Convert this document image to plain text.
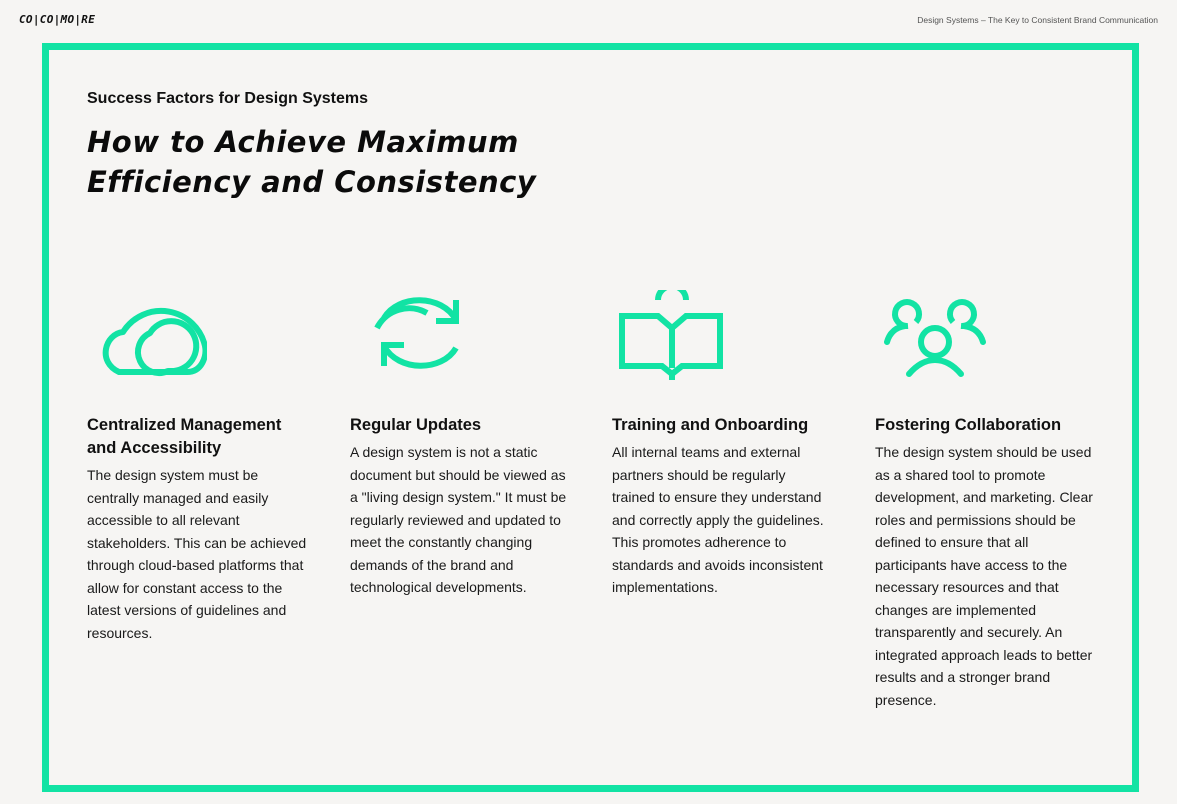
CO|CO|MO|RE	Design Systems – The Key to Consistent Brand Communication
Success Factors for Design Systems
How to Achieve Maximum
Efficiency and Consistency
Centralized Management and Accessibility

The design system must be centrally managed and easily accessible to all relevant stakeholders. This can be achieved through cloud-based platforms that allow for constant access to the latest versions of guidelines and resources.

Regular Updates

A design system is not a static document but should be viewed as a "living design system." It must be regularly reviewed and updated to meet the constantly changing demands of the brand and technological developments.

Training and Onboarding

All internal teams and external partners should be regularly trained to ensure they understand and correctly apply the guidelines. This promotes adherence to standards and avoids inconsistent implementations.

Fostering Collaboration

The design system should be used as a shared tool to promote development, and marketing. Clear roles and permissions should be defined to ensure that all participants have access to the necessary resources and that changes are implemented transparently and securely. An integrated approach leads to better results and a stronger brand presence.
